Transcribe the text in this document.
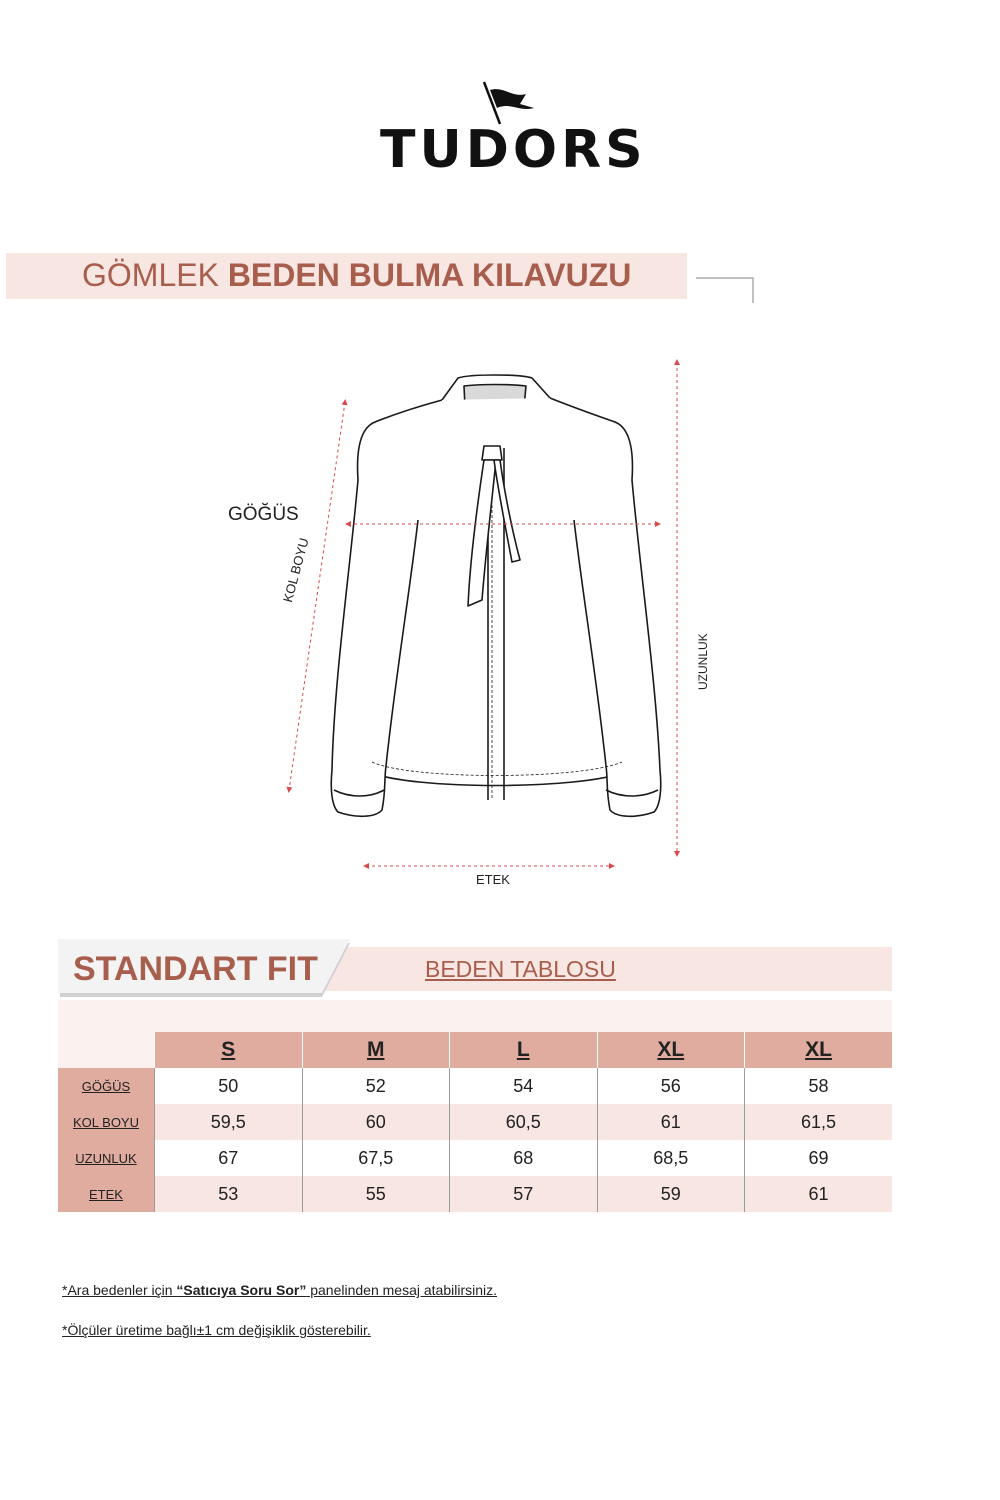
TUDORS
GÖMLEK BEDEN BULMA KILAVUZU
GÖĞÜS
KOL BOYU
UZUNLUK
ETEK
STANDART FIT	BEDEN TABLOSU
	S	M	L	XL	XL
GÖĞÜS	50	52	54	56	58
KOL BOYU	59,5	60	60,5	61	61,5
UZUNLUK	67	67,5	68	68,5	69
ETEK	53	55	57	59	61
*Ara bedenler için “Satıcıya Soru Sor” panelinden mesaj atabilirsiniz.
*Ölçüler üretime bağlı±1 cm değişiklik gösterebilir.
